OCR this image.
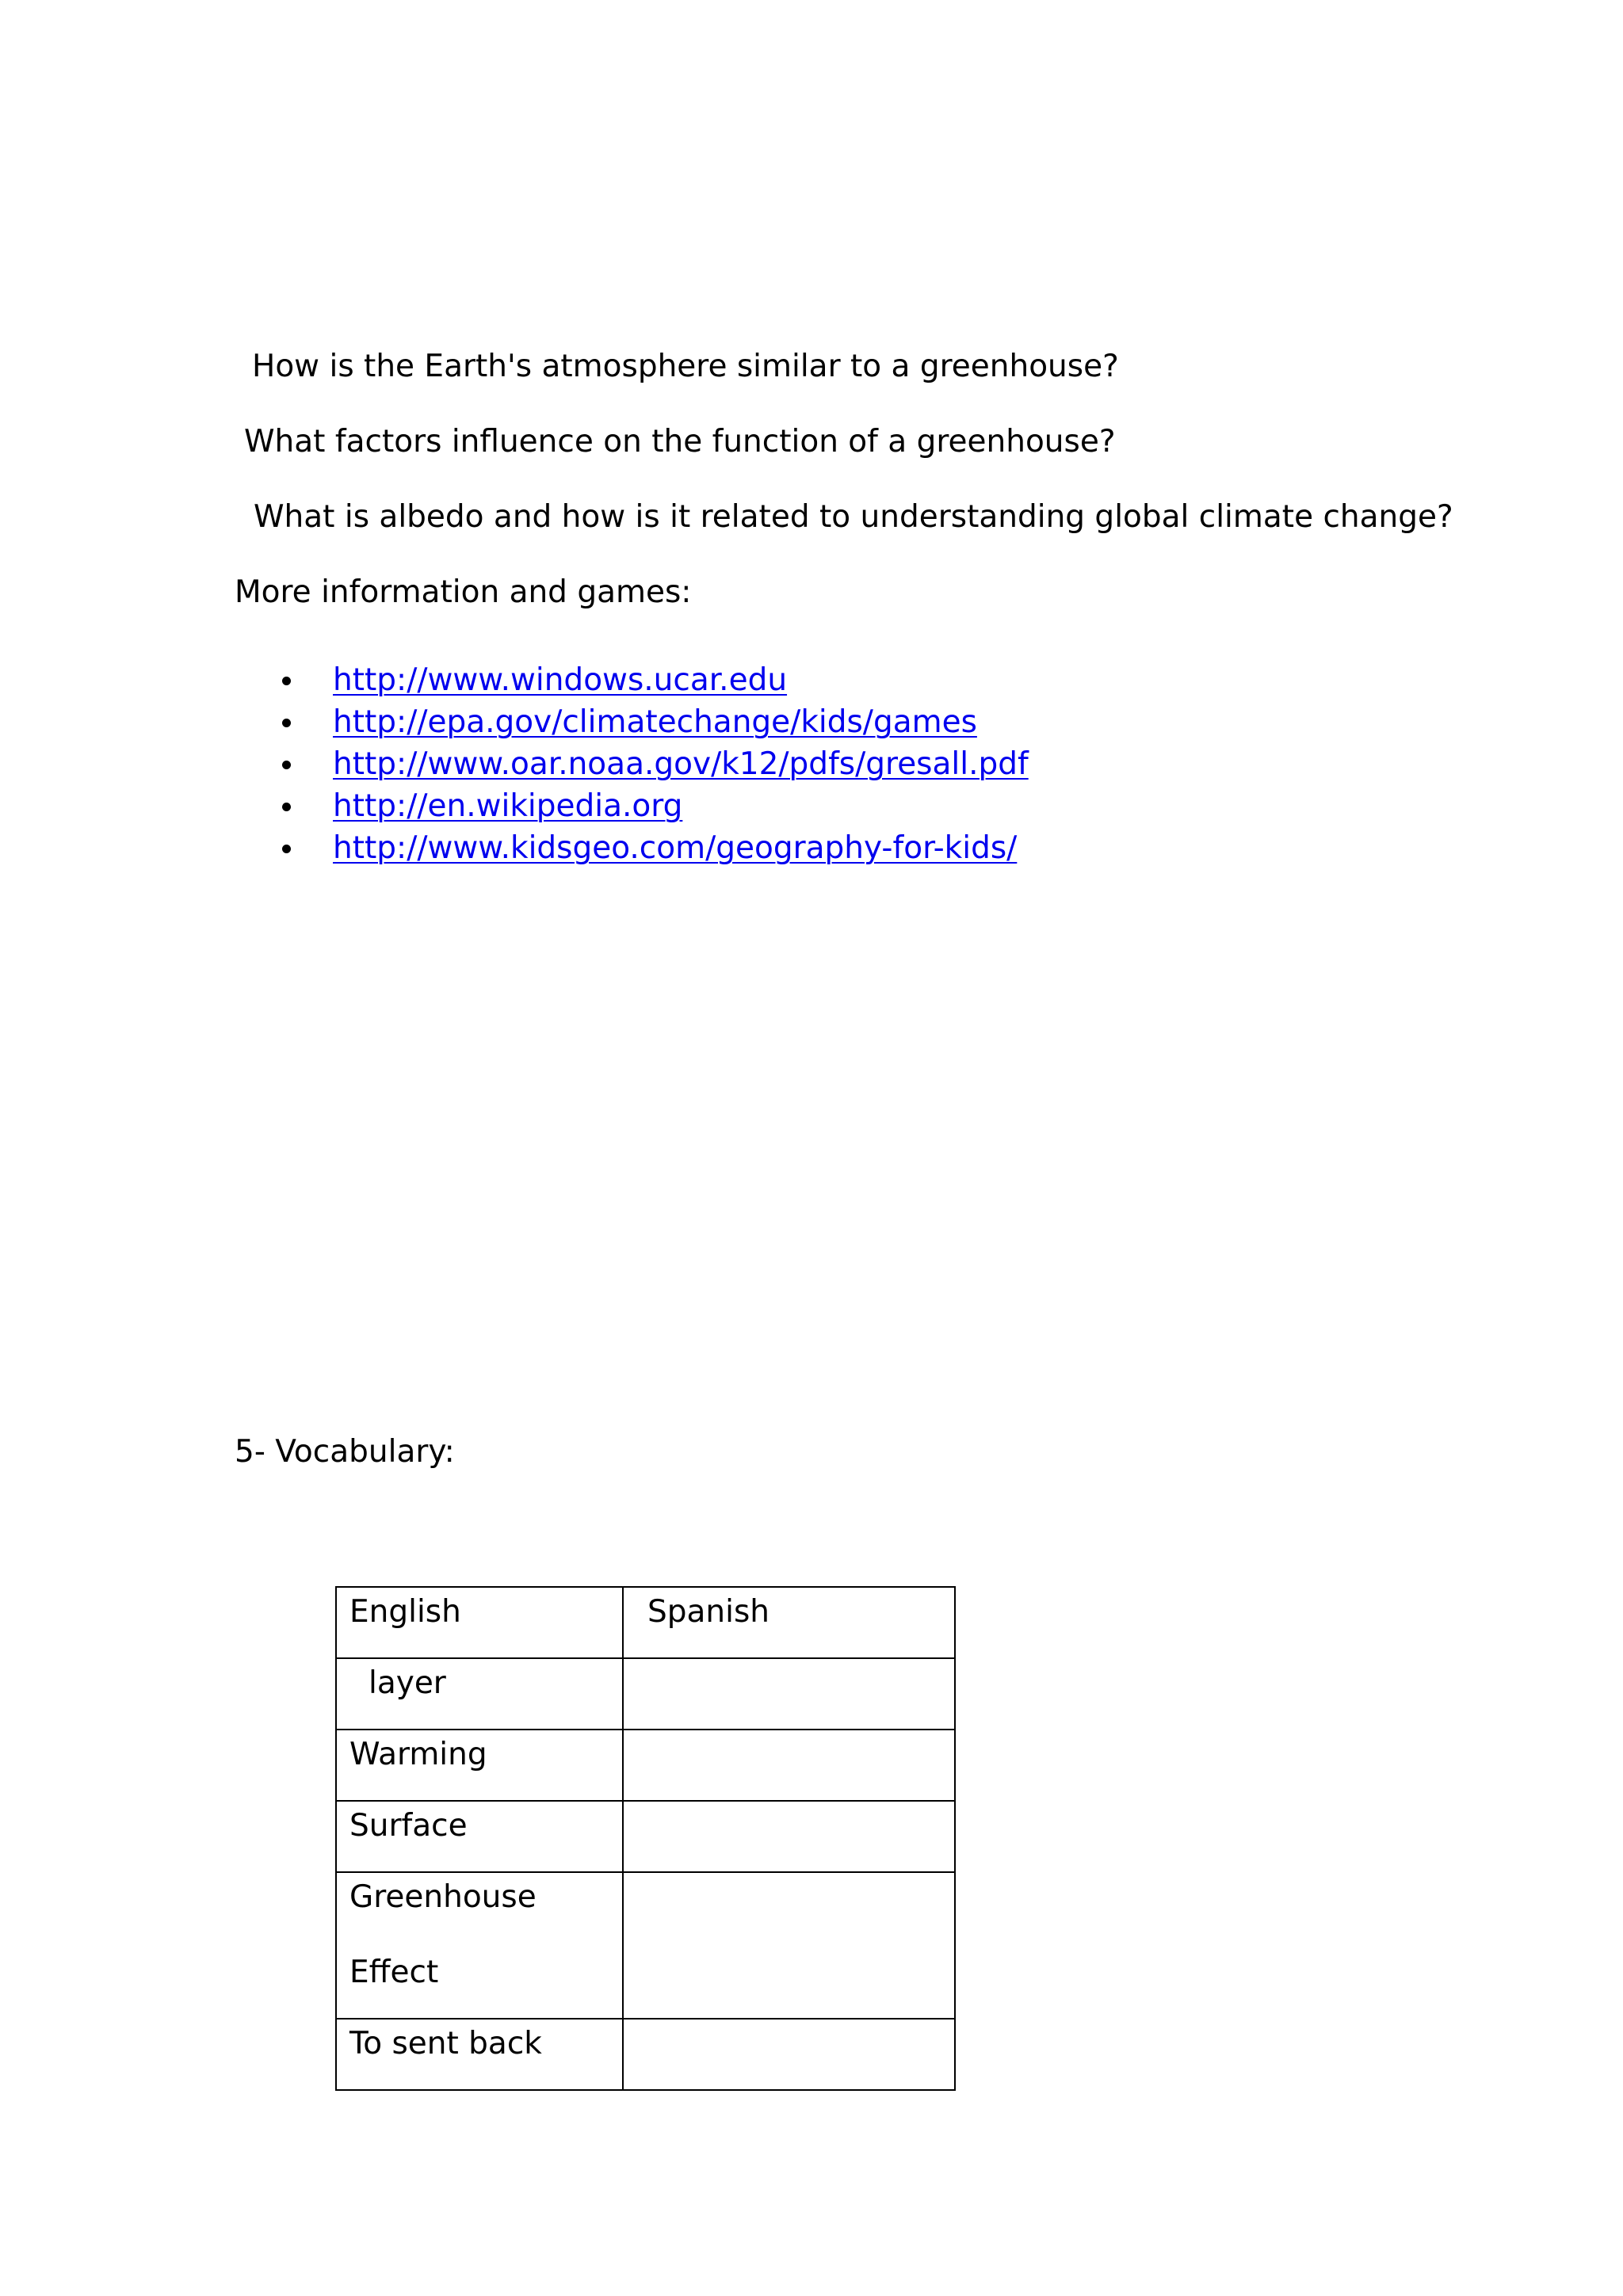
How is the Earth's atmosphere similar to a greenhouse?
What factors influence on the function of a greenhouse?
What is albedo and how is it related to understanding global climate change?
More information and games:
http://www.windows.ucar.edu
http://epa.gov/climatechange/kids/games
http://www.oar.noaa.gov/k12/pdfs/gresall.pdf
http://en.wikipedia.org
http://www.kidsgeo.com/geography-for-kids/
5- Vocabulary:
English	Spanish

layer	

Warming	

Surface	

Greenhouse
Effect	

To sent back	
